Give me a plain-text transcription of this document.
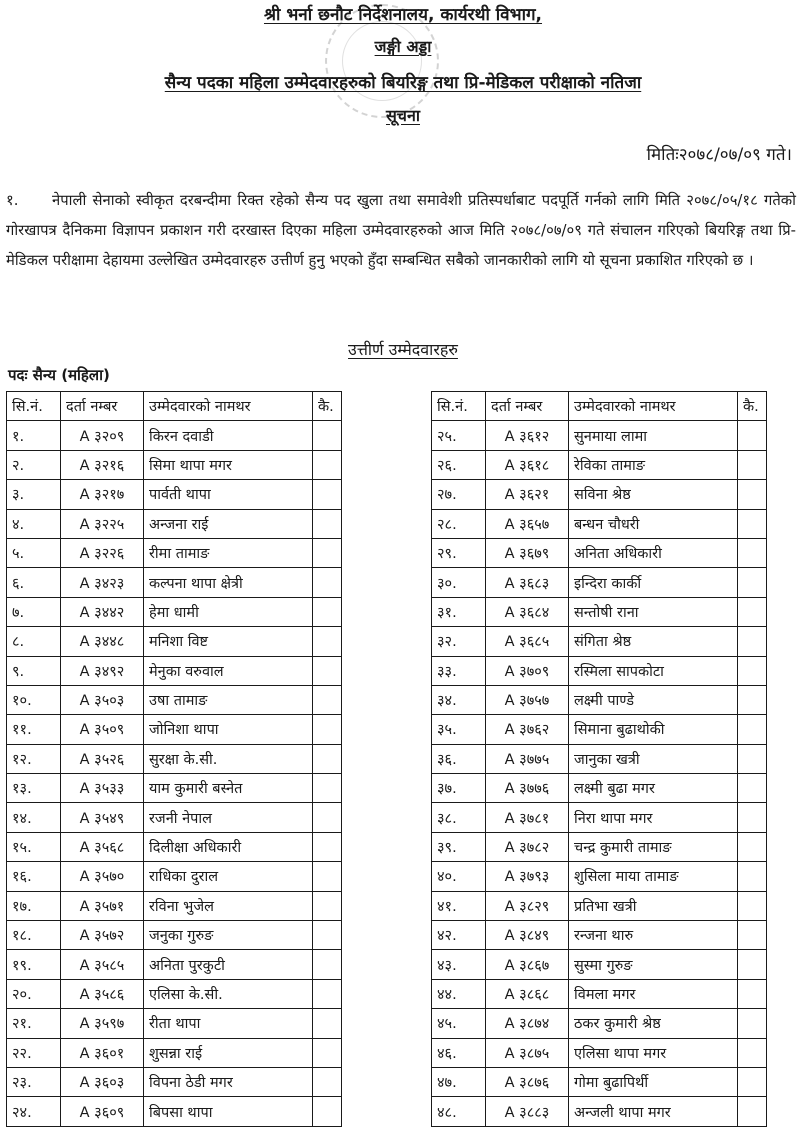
श्री भर्ना छनौट निर्देशनालय, कार्यरथी विभाग,
जङ्गी अड्डा
सैन्य पदका महिला उम्मेदवारहरुको बियरिङ्ग तथा प्रि-मेडिकल परीक्षाको नतिजा
सूचना
मितिः२०७८/०७/०९ गते।

१. नेपाली सेनाको स्वीकृत दरबन्दीमा रिक्त रहेको सैन्य पद खुला तथा समावेशी प्रतिस्पर्धाबाट पदपूर्ति गर्नको लागि मिति २०७८/०५/१८ गतेको गोरखापत्र दैनिकमा विज्ञापन प्रकाशन गरी दरखास्त दिएका महिला उम्मेदवारहरुको आज मिति २०७८/०७/०९ गते संचालन गरिएको बियरिङ्ग तथा प्रि-मेडिकल परीक्षामा देहायमा उल्लेखित उम्मेदवारहरु उत्तीर्ण हुनु भएको हुँदा सम्बन्धित सबैको जानकारीको लागि यो सूचना प्रकाशित गरिएको छ ।

उत्तीर्ण उम्मेदवारहरु
पदः सैन्य (महिला)
सि.नं.	दर्ता नम्बर	उम्मेदवारको नामथर	कै.
१.	A ३२०९	किरन दवाडी	
२.	A ३२१६	सिमा थापा मगर	
३.	A ३२१७	पार्वती थापा	
४.	A ३२२५	अन्जना राई	
५.	A ३२२६	रीमा तामाङ	
६.	A ३४२३	कल्पना थापा क्षेत्री	
७.	A ३४४२	हेमा धामी	
८.	A ३४४८	मनिशा विष्ट	
९.	A ३४९२	मेनुका वरुवाल	
१०.	A ३५०३	उषा तामाङ	
११.	A ३५०९	जोनिशा थापा	
१२.	A ३५२६	सुरक्षा के.सी.	
१३.	A ३५३३	याम कुमारी बस्नेत	
१४.	A ३५४९	रजनी नेपाल	
१५.	A ३५६८	दिलीक्षा अधिकारी	
१६.	A ३५७०	राधिका दुराल	
१७.	A ३५७१	रविना भुजेल	
१८.	A ३५७२	जनुका गुरुङ	
१९.	A ३५८५	अनिता पुरकुटी	
२०.	A ३५८६	एलिसा के.सी.	
२१.	A ३५९७	रीता थापा	
२२.	A ३६०१	शुसन्ना राई	
२३.	A ३६०३	विपना ठेडी मगर	
२४.	A ३६०९	बिपसा थापा	
सि.नं.	दर्ता नम्बर	उम्मेदवारको नामथर	कै.
२५.	A ३६१२	सुनमाया लामा	
२६.	A ३६१८	रेविका तामाङ	
२७.	A ३६२१	सविना श्रेष्ठ	
२८.	A ३६५७	बन्धन चौधरी	
२९.	A ३६७९	अनिता अधिकारी	
३०.	A ३६८३	इन्दिरा कार्की	
३१.	A ३६८४	सन्तोषी राना	
३२.	A ३६८५	संगिता श्रेष्ठ	
३३.	A ३७०९	रस्मिला सापकोटा	
३४.	A ३७५७	लक्ष्मी पाण्डे	
३५.	A ३७६२	सिमाना बुढाथोकी	
३६.	A ३७७५	जानुका खत्री	
३७.	A ३७७६	लक्ष्मी बुढा मगर	
३८.	A ३७८१	निरा थापा मगर	
३९.	A ३७८२	चन्द्र कुमारी तामाङ	
४०.	A ३७९३	शुसिला माया तामाङ	
४१.	A ३८२९	प्रतिभा खत्री	
४२.	A ३८४९	रन्जना थारु	
४३.	A ३८६७	सुस्मा गुरुङ	
४४.	A ३८६८	विमला मगर	
४५.	A ३८७४	ठकर कुमारी श्रेष्ठ	
४६.	A ३८७५	एलिसा थापा मगर	
४७.	A ३८७६	गोमा बुढापिर्थी	
४८.	A ३८८३	अन्जली थापा मगर	
